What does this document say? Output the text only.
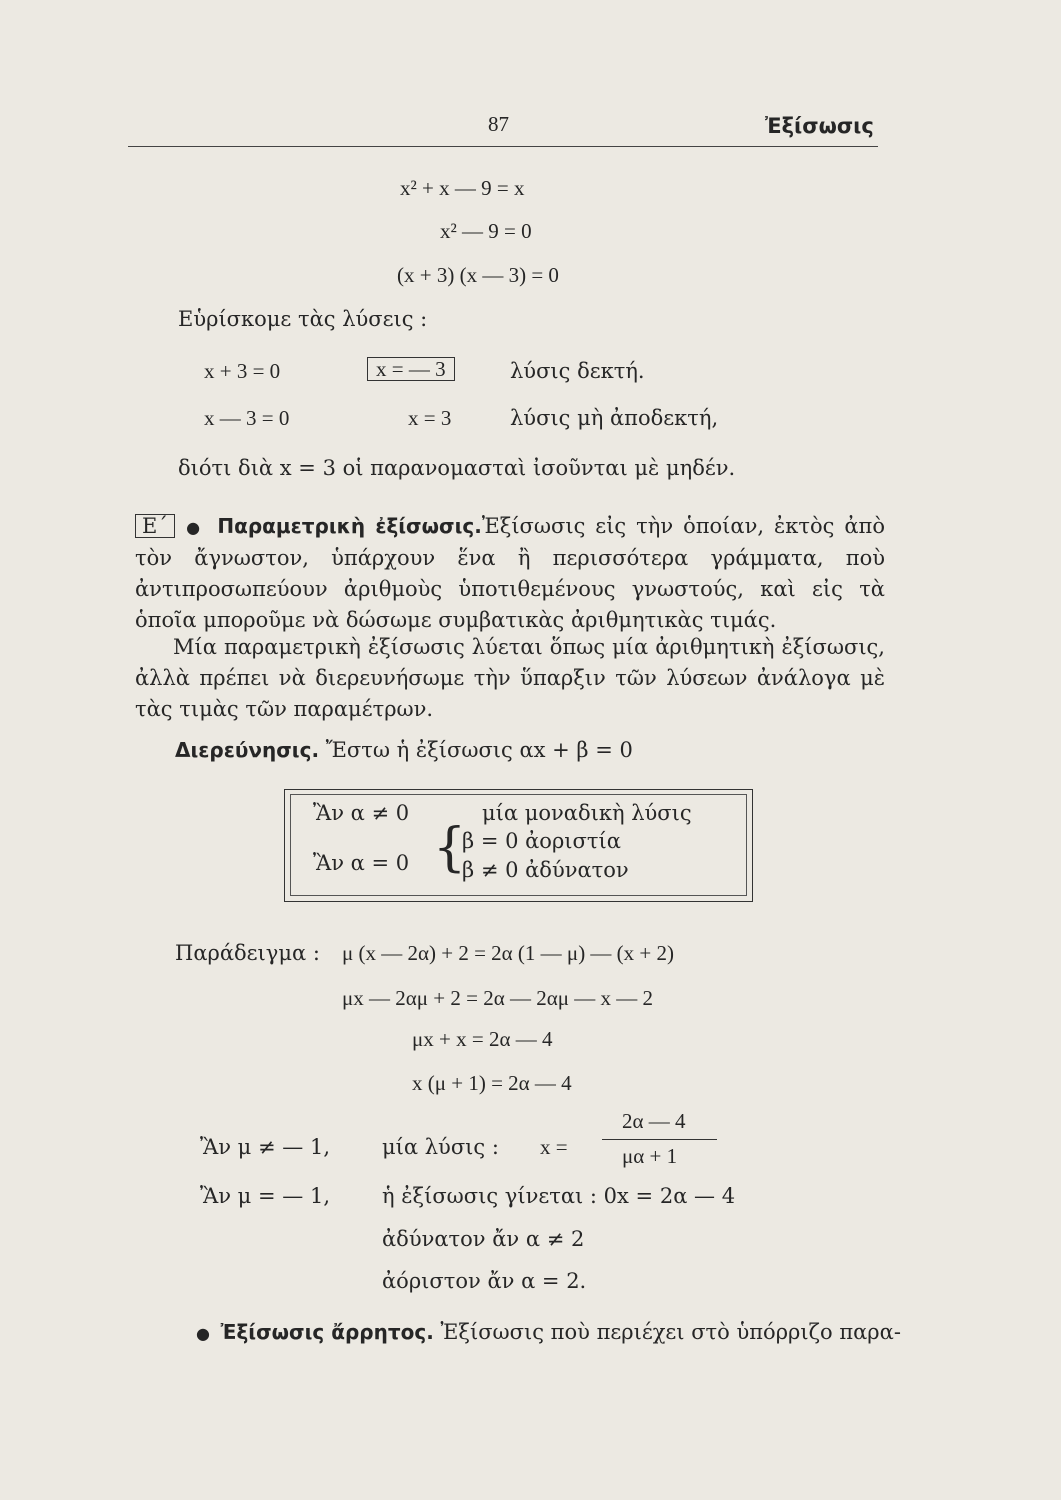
87	Ἐξίσωσις
x² + x — 9 = x
x² — 9 = 0
(x + 3) (x — 3) = 0
Εὑρίσκομε τὰς λύσεις :
x + 3 = 0	x = — 3	λύσις δεκτή.
x — 3 = 0	x = 3	λύσις μὴ ἀποδεκτή,
διότι διὰ x = 3 οἱ παρανομασταὶ ἰσοῦνται μὲ μηδέν.
Ε΄ ● Παραμετρικὴ ἐξίσωσις.Ἐξίσωσις εἰς τὴν ὁποίαν, ἐκτὸς ἀπὸ τὸν ἄγνωστον, ὑπάρχουν ἕνα ἢ περισσότερα γράμματα, ποὺ ἀντιπροσωπεύουν ἀριθμοὺς ὑποτιθεμένους γνωστούς, καὶ εἰς τὰ ὁποῖα μποροῦμε νὰ δώσωμε συμβατικὰς ἀριθμητικὰς τιμάς.
Μία παραμετρικὴ ἐξίσωσις λύεται ὅπως μία ἀριθμητικὴ ἐξίσωσις, ἀλλὰ πρέπει νὰ διερευνήσωμε τὴν ὕπαρξιν τῶν λύσεων ἀνάλογα μὲ τὰς τιμὰς τῶν παραμέτρων.
Διερεύνησις. Ἔστω ἡ ἐξίσωσις αx + β = 0
Ἂν α ≠ 0	μία μοναδικὴ λύσις
Ἂν α = 0 {
β = 0 ἀοριστία
β ≠ 0 ἀδύνατον
Παράδειγμα : μ (x — 2α) + 2 = 2α (1 — μ) — (x + 2)
μx — 2αμ + 2 = 2α — 2αμ — x — 2
μx + x = 2α — 4
x (μ + 1) = 2α — 4
Ἂν μ ≠ — 1, μία λύσις : x =
2α — 4
μα + 1
Ἂν μ = — 1, ἡ ἐξίσωσις γίνεται : 0x = 2α — 4
ἀδύνατον ἄν α ≠ 2
ἀόριστον ἄν α = 2.
● Ἐξίσωσις ἄρρητος. Ἐξίσωσις ποὺ περιέχει στὸ ὑπόρριζο παρα-
